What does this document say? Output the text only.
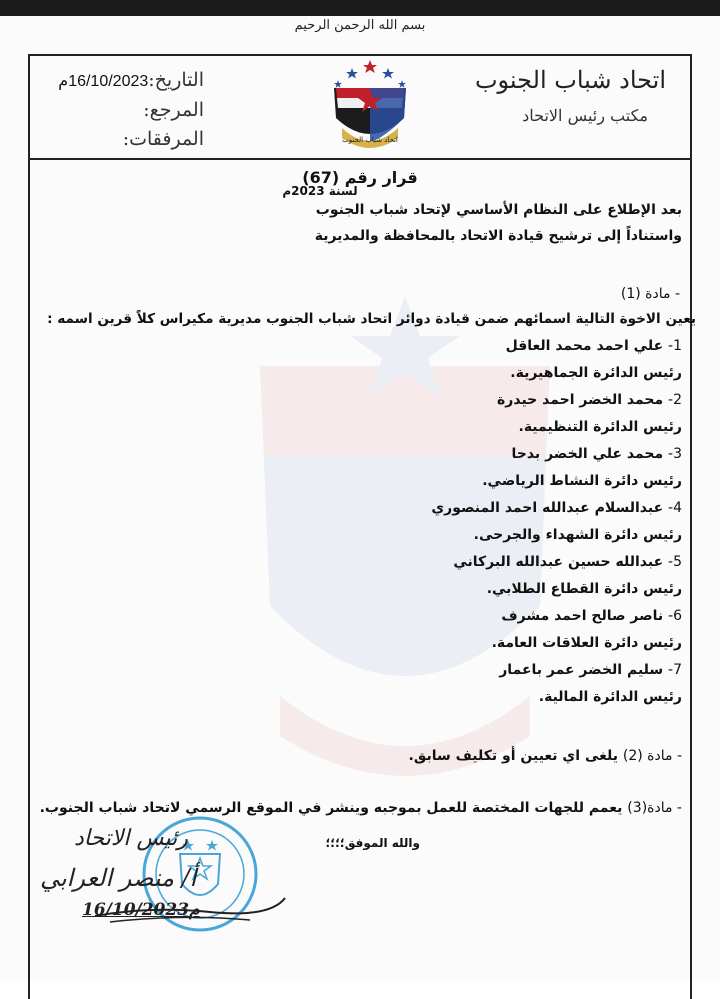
بسم الله الرحمن الرحيم
اتحاد شباب الجنوب
مكتب رئيس الاتحاد
التاريخ:16/10/2023م
المرجع:
المرفقات:	اتحاد شباب الجنوب
قرار رقم (67)
لسنة 2023م
بعد الإطلاع على النظام الأساسي لإتحاد شباب الجنوب
واستناداً إلى ترشيح قيادة الاتحاد بالمحافظة والمديرية
- مادة (1)
يعين الاخوة التالية اسمائهم ضمن قيادة دوائر اتحاد شباب الجنوب مديرية مكيراس كلاً قرين اسمه :
1- علي احمد محمد العاقل
رئيس الدائرة الجماهيرية.
2- محمد الخضر احمد حيدرة
رئيس الدائرة التنظيمية.
3- محمد علي الخضر بدحا
رئيس دائرة النشاط الرياضي.
4- عبدالسلام عبدالله احمد المنصوري
رئيس دائرة الشهداء والجرحى.
5- عبدالله حسين عبدالله البركاني
رئيس دائرة القطاع الطلابي.
6- ناصر صالح احمد مشرف
رئيس دائرة العلاقات العامة.
7- سليم الخضر عمر باعمار
رئيس الدائرة المالية.
- مادة (2) يلغى اي تعيين أو تكليف سابق.
- مادة(3) يعمم للجهات المختصة للعمل بموجبه وينشر في الموقع الرسمي لاتحاد شباب الجنوب.
والله الموفق؛؛؛؛
رئيس الاتحاد
أ/ منصر العرابي
16/10/2023م
